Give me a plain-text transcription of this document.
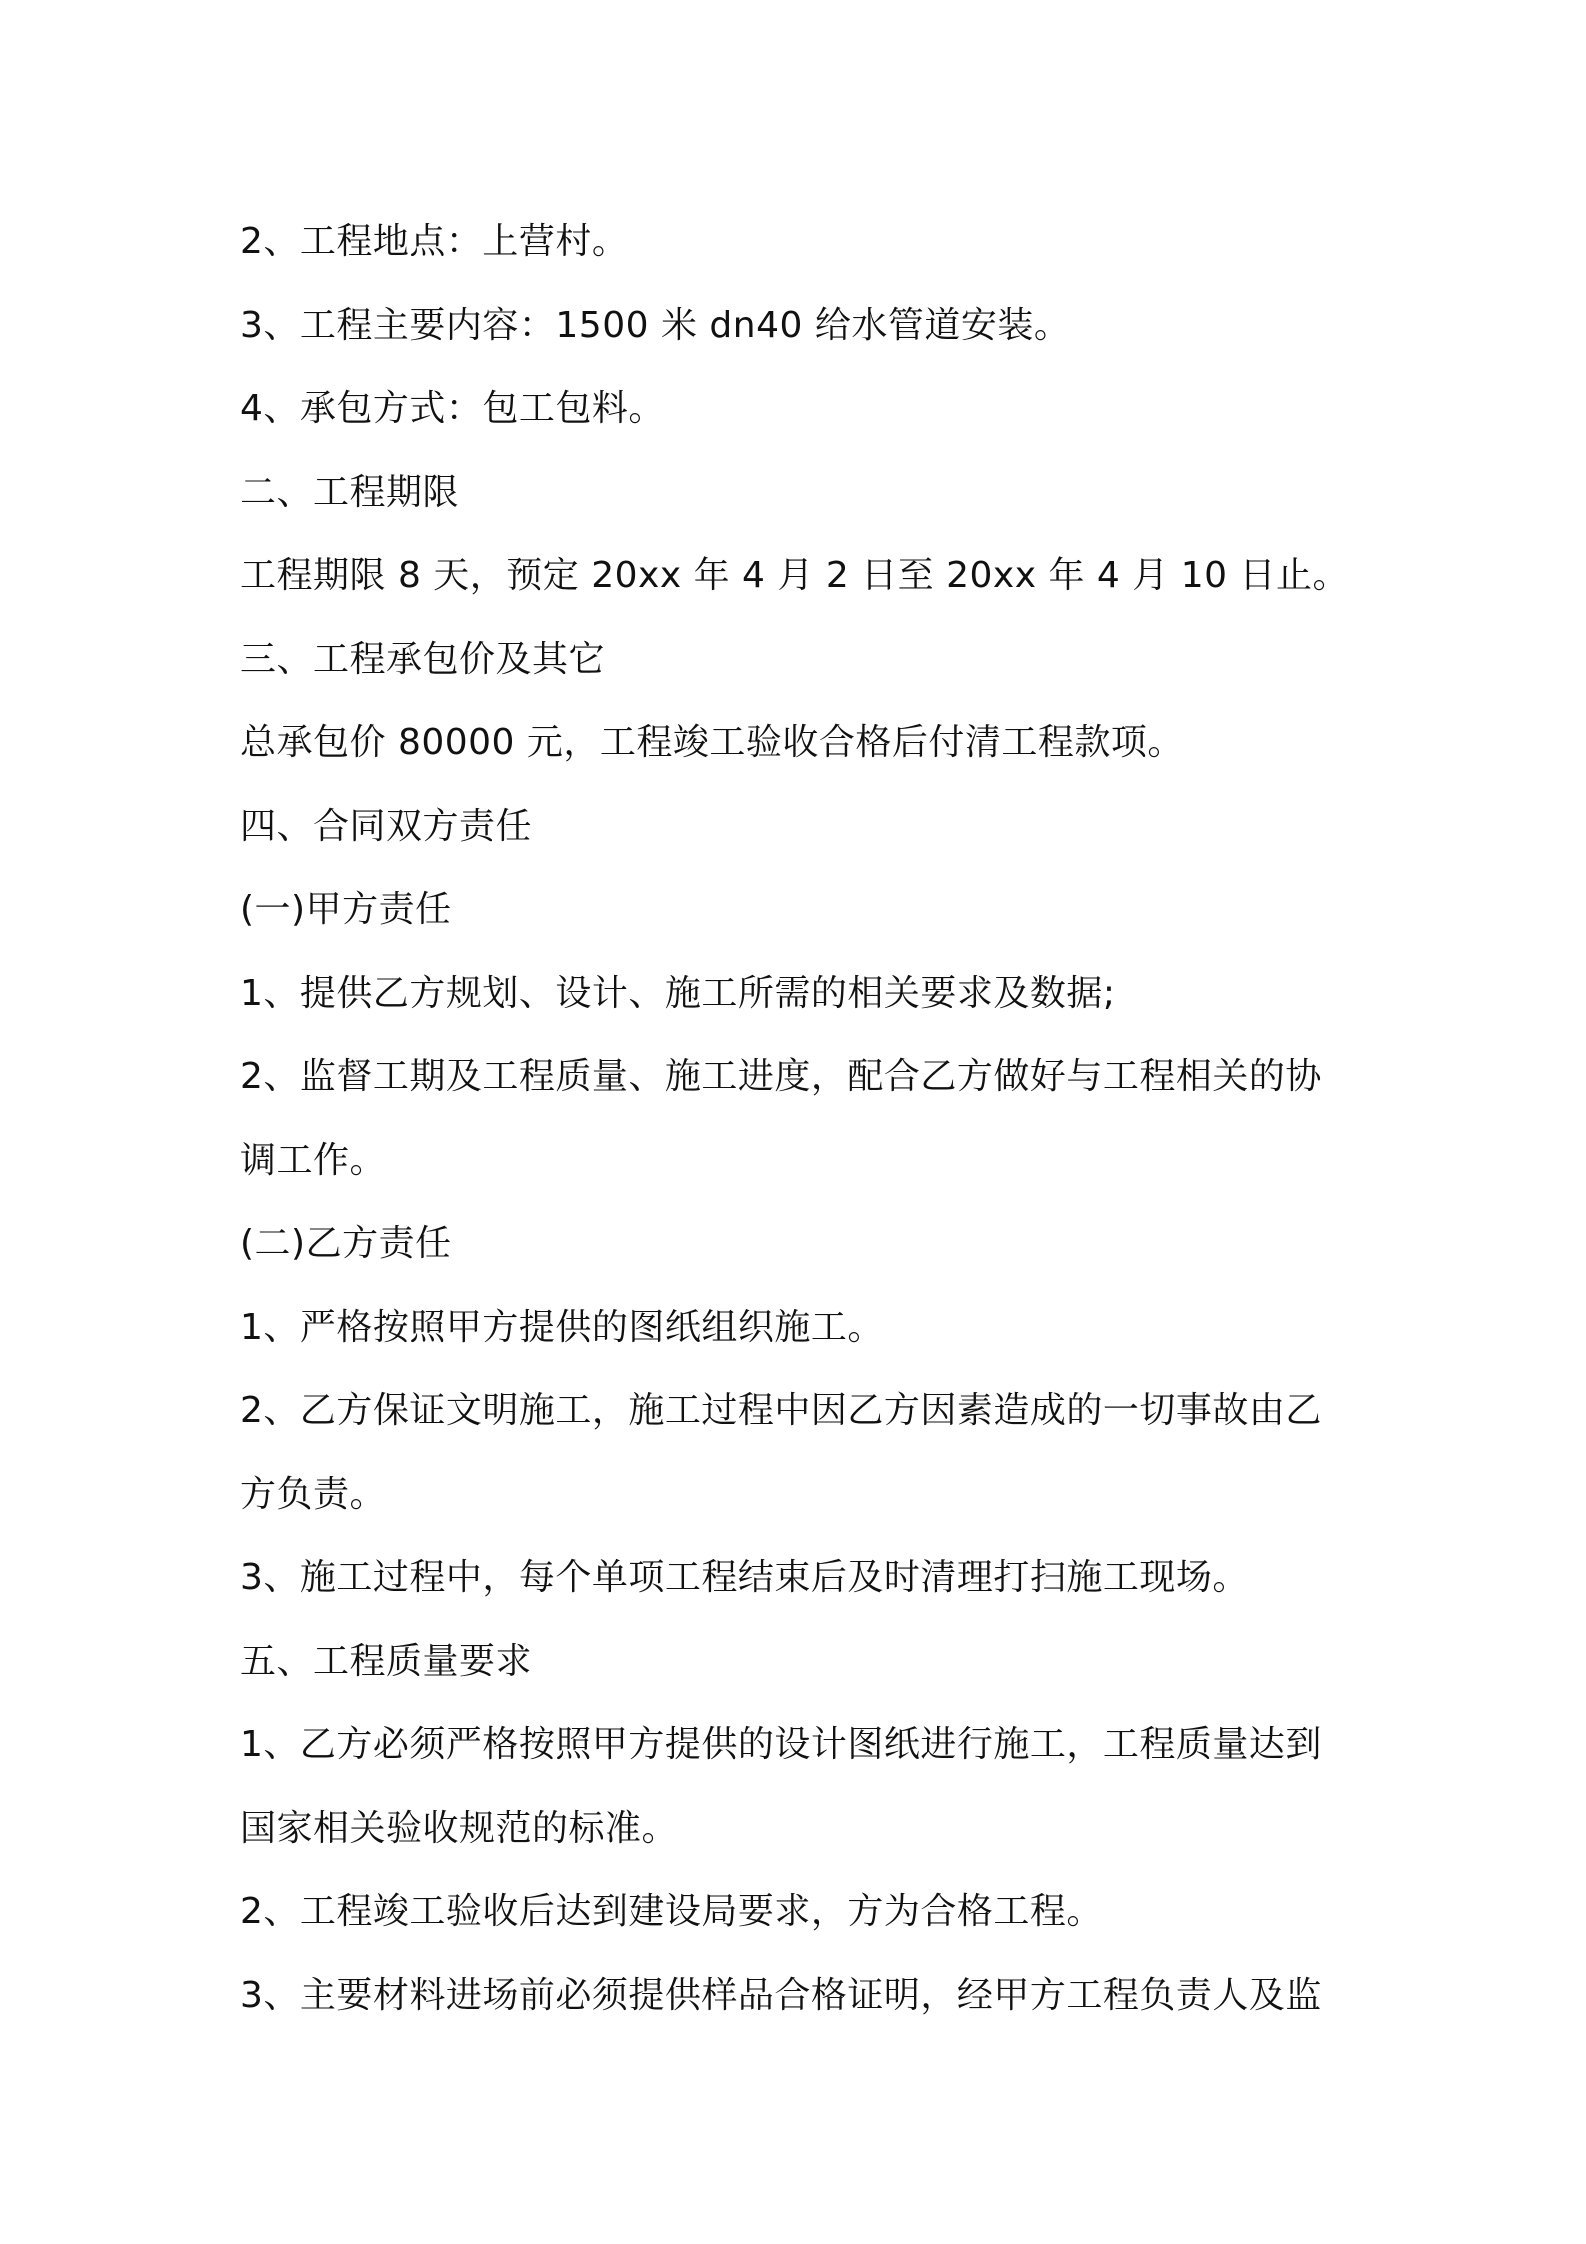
2、工程地点：上营村。
3、工程主要内容：1500 米 dn40 给水管道安装。
4、承包方式：包工包料。
二、工程期限
工程期限 8 天，预定 20xx 年 4 月 2 日至 20xx 年 4 月 10 日止。
三、工程承包价及其它
总承包价 80000 元，工程竣工验收合格后付清工程款项。
四、合同双方责任
(一)甲方责任
1、提供乙方规划、设计、施工所需的相关要求及数据;
2、监督工期及工程质量、施工进度，配合乙方做好与工程相关的协
调工作。
(二)乙方责任
1、严格按照甲方提供的图纸组织施工。
2、乙方保证文明施工，施工过程中因乙方因素造成的一切事故由乙
方负责。
3、施工过程中，每个单项工程结束后及时清理打扫施工现场。
五、工程质量要求
1、乙方必须严格按照甲方提供的设计图纸进行施工，工程质量达到
国家相关验收规范的标准。
2、工程竣工验收后达到建设局要求，方为合格工程。
3、主要材料进场前必须提供样品合格证明，经甲方工程负责人及监
